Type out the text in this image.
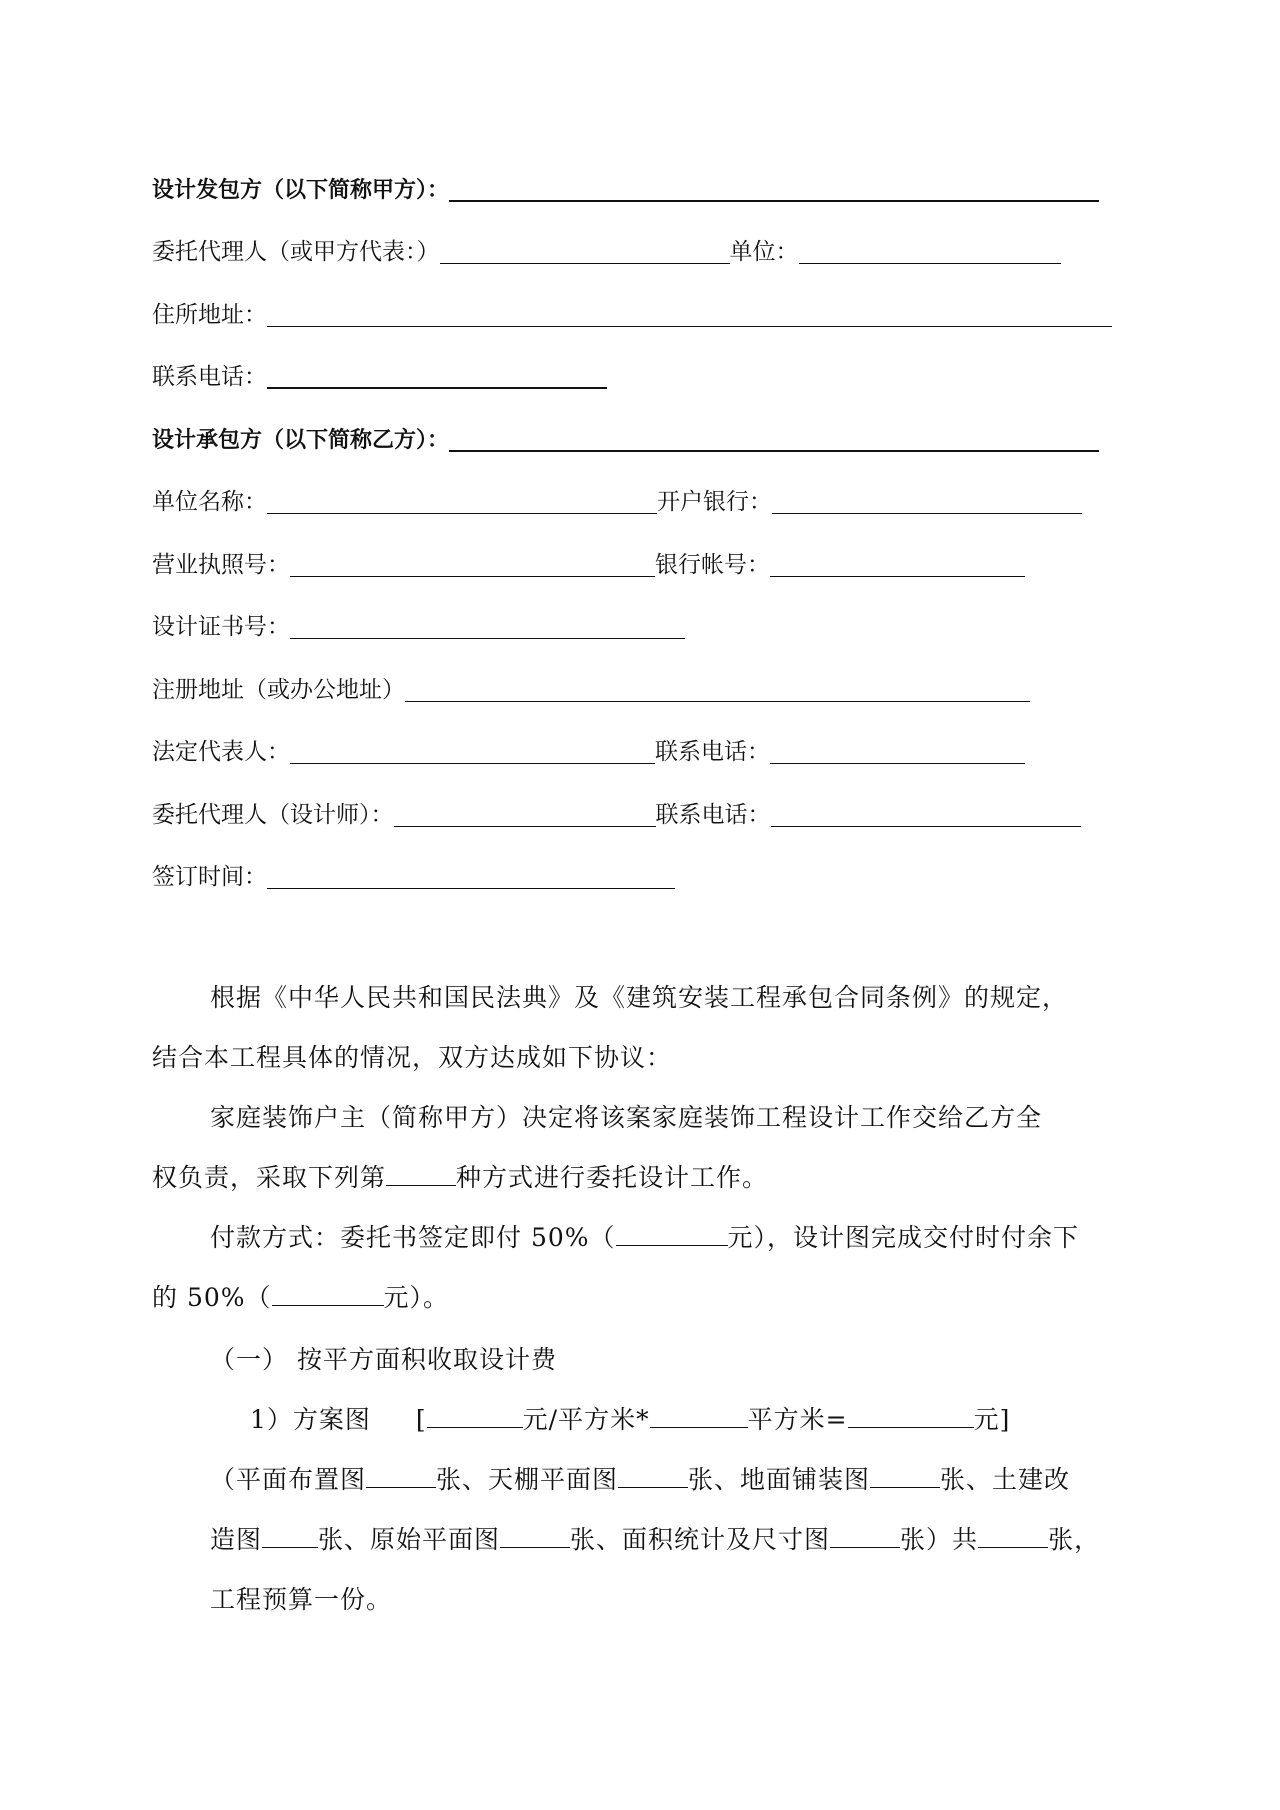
设计发包方（以下简称甲方）：
委托代理人（或甲方代表：）	单位：
住所地址：
联系电话：
设计承包方（以下简称乙方）：
单位名称：	开户银行：
营业执照号：	银行帐号：
设计证书号：
注册地址（或办公地址）
法定代表人：	联系电话：
委托代理人（设计师）：	联系电话：
签订时间：
根据《中华人民共和国民法典》及《建筑安装工程承包合同条例》的规定，
结合本工程具体的情况，双方达成如下协议：
家庭装饰户主（简称甲方）决定将该案家庭装饰工程设计工作交给乙方全
权负责，采取下列第	种方式进行委托设计工作。
付款方式：委托书签定即付 50%（	元），设计图完成交付时付余下
的 50%（	元）。
（一） 按平方面积收取设计费
1）方案图 [	元/平方米*	平方米=	元]
（平面布置图	张、天棚平面图	张、地面铺装图	张、土建改
造图 张、原始平面图	张、面积统计及尺寸图	张）共	张，
工程预算一份。
